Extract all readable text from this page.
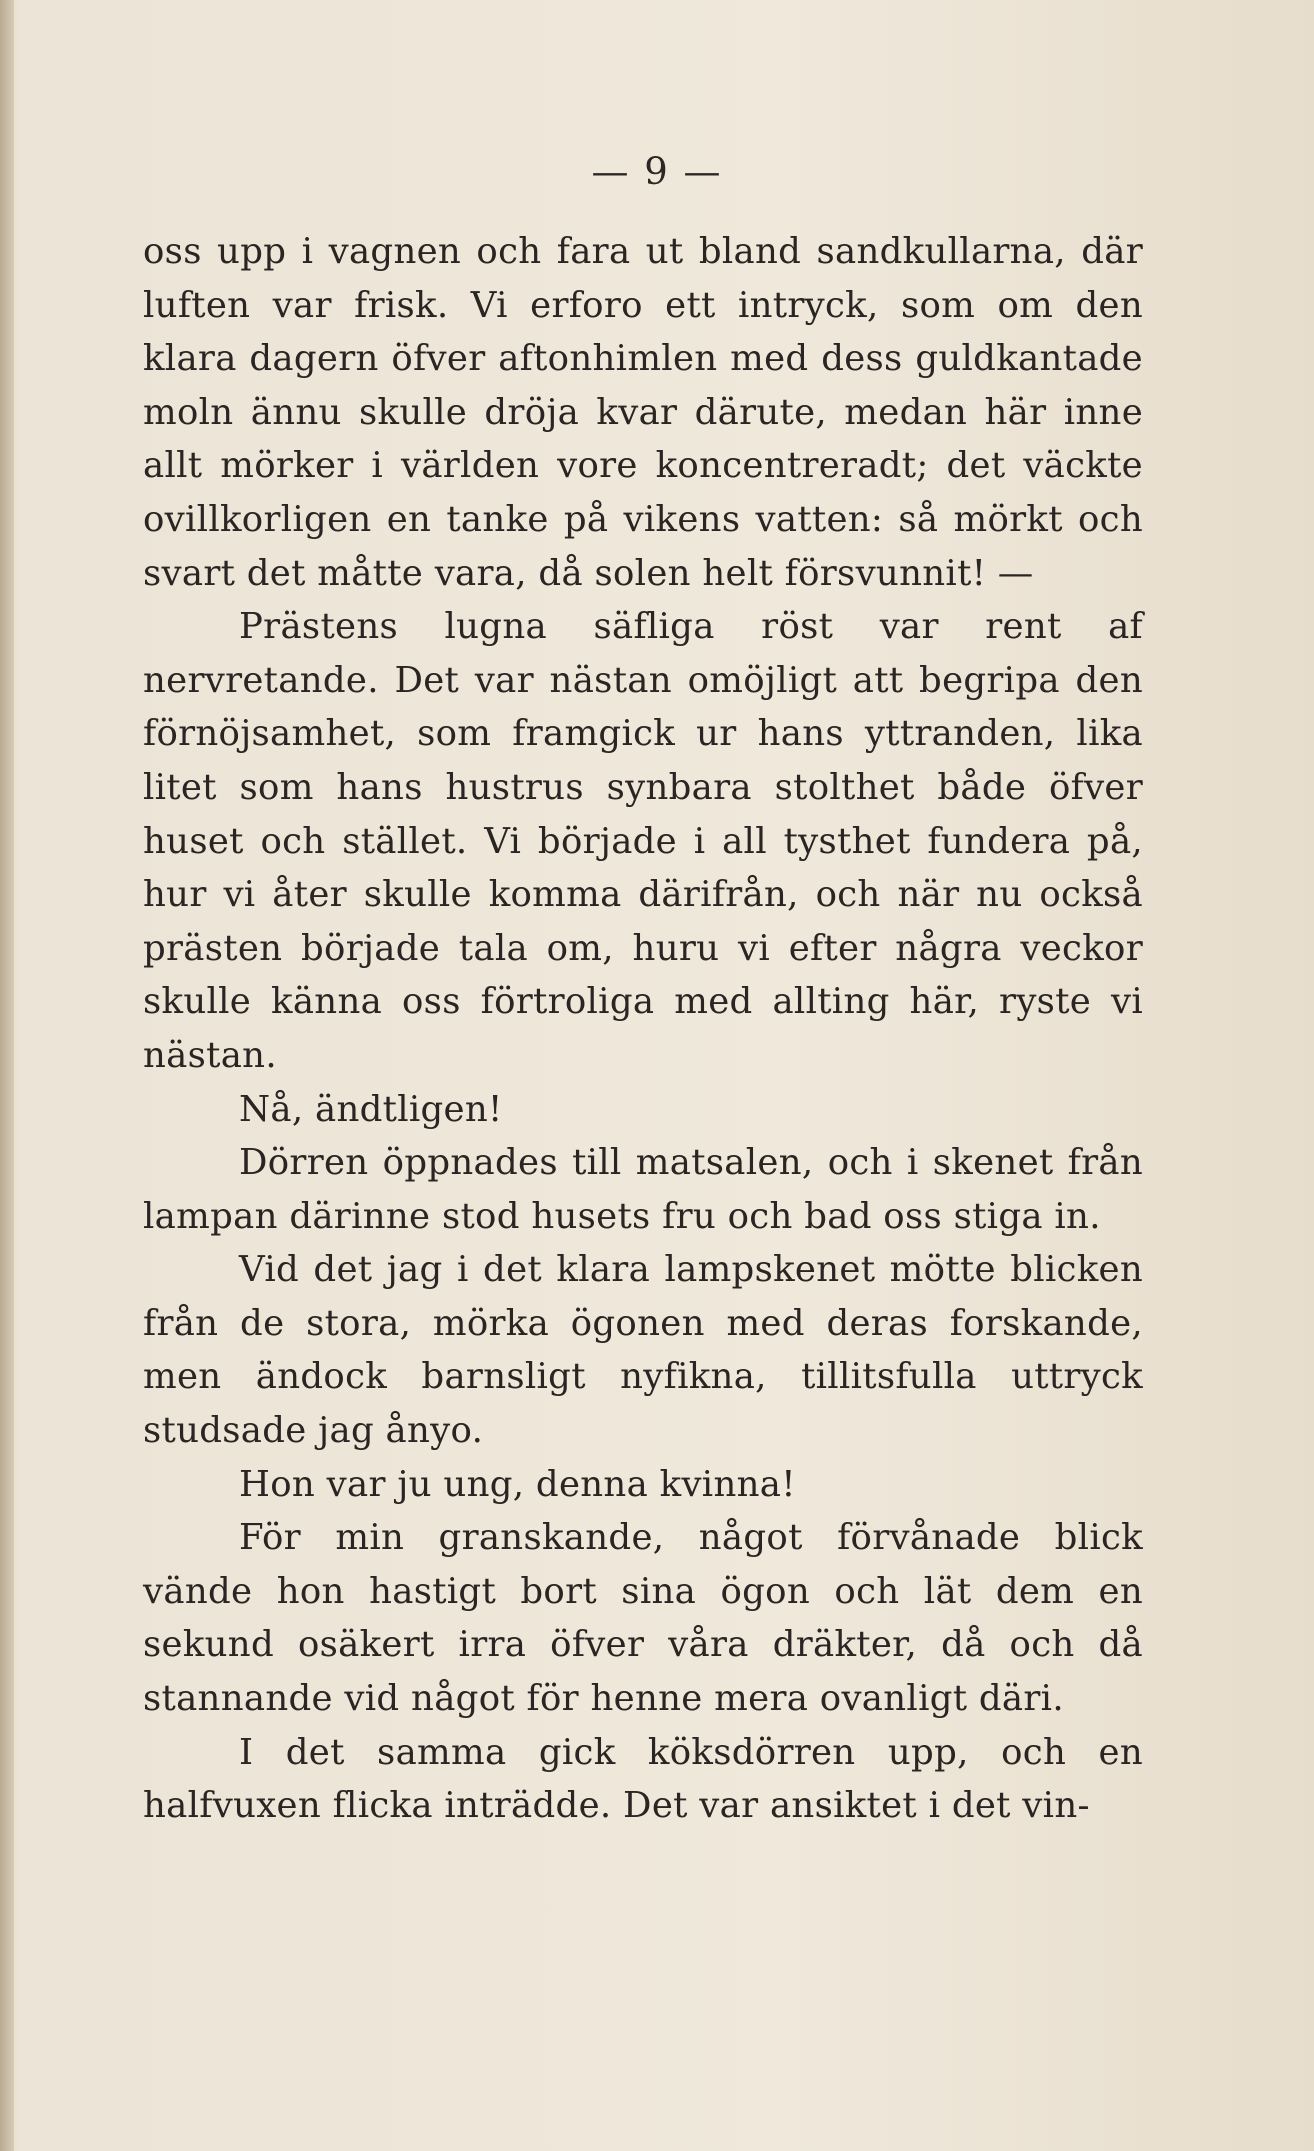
— 9 —

oss upp i vagnen och fara ut bland sandkullarna, där luften var frisk. Vi erforo ett intryck, som om den klara dagern öfver aftonhimlen med dess guldkantade moln ännu skulle dröja kvar därute, medan här inne allt mörker i världen vore koncentreradt; det väckte ovillkorligen en tanke på vikens vatten: så mörkt och svart det måtte vara, då solen helt försvunnit! —

Prästens lugna säfliga röst var rent af nervretande. Det var nästan omöjligt att begripa den förnöjsamhet, som framgick ur hans yttranden, lika litet som hans hustrus synbara stolthet både öfver huset och stället. Vi började i all tysthet fundera på, hur vi åter skulle komma därifrån, och när nu också prästen började tala om, huru vi efter några veckor skulle känna oss förtroliga med allting här, ryste vi nästan.

Nå, ändtligen!

Dörren öppnades till matsalen, och i skenet från lampan därinne stod husets fru och bad oss stiga in.

Vid det jag i det klara lampskenet mötte blicken från de stora, mörka ögonen med deras forskande, men ändock barnsligt nyfikna, tillitsfulla uttryck studsade jag ånyo.

Hon var ju ung, denna kvinna!

För min granskande, något förvånade blick vände hon hastigt bort sina ögon och lät dem en sekund osäkert irra öfver våra dräkter, då och då stannande vid något för henne mera ovanligt däri.

I det samma gick köksdörren upp, och en halfvuxen flicka inträdde. Det var ansiktet i det vin-
